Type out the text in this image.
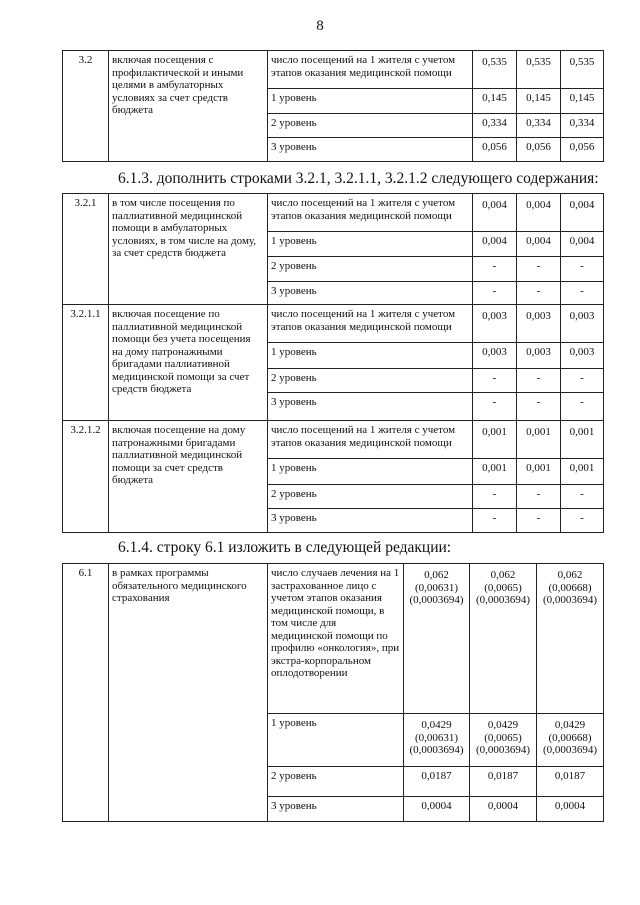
8
3.2	включая посещения с профилактической и иными целями в амбулаторных условиях за счет средств бюджета	число посещений на 1 жителя с учетом этапов оказания медицинской помощи	0,535	0,535	0,535
		1 уровень	0,145	0,145	0,145
		2 уровень	0,334	0,334	0,334
		3 уровень	0,056	0,056	0,056
6.1.3. дополнить строками 3.2.1, 3.2.1.1, 3.2.1.2 следующего содержания:
3.2.1	в том числе посещения по паллиативной медицинской помощи в амбулаторных условиях, в том числе на дому, за счет средств бюджета	число посещений на 1 жителя с учетом этапов оказания медицинской помощи	0,004	0,004	0,004
		1 уровень	0,004	0,004	0,004
		2 уровень	-	-	-
		3 уровень	-	-	-
3.2.1.1	включая посещение по паллиативной медицинской помощи без учета посещения на дому патронажными бригадами паллиативной медицинской помощи за счет средств бюджета	число посещений на 1 жителя с учетом этапов оказания медицинской помощи	0,003	0,003	0,003
		1 уровень	0,003	0,003	0,003
		2 уровень	-	-	-
		3 уровень	-	-	-
3.2.1.2	включая посещение на дому патронажными бригадами паллиативной медицинской помощи за счет средств бюджета	число посещений на 1 жителя с учетом этапов оказания медицинской помощи	0,001	0,001	0,001
		1 уровень	0,001	0,001	0,001
		2 уровень	-	-	-
		3 уровень	-	-	-
6.1.4. строку 6.1 изложить в следующей редакции:
6.1	в рамках программы обязательного медицинского страхования	число случаев лечения на 1 застрахованное лицо с учетом этапов оказания медицинской помощи, в том числе для медицинской помощи по профилю «онкология», при экстра-корпоральном оплодотворении	0,062 (0,00631) (0,0003694)	0,062 (0,0065) (0,0003694)	0,062 (0,00668) (0,0003694)
		1 уровень	0,0429 (0,00631) (0,0003694)	0,0429 (0,0065) (0,0003694)	0,0429 (0,00668) (0,0003694)
		2 уровень	0,0187	0,0187	0,0187
		3 уровень	0,0004	0,0004	0,0004
